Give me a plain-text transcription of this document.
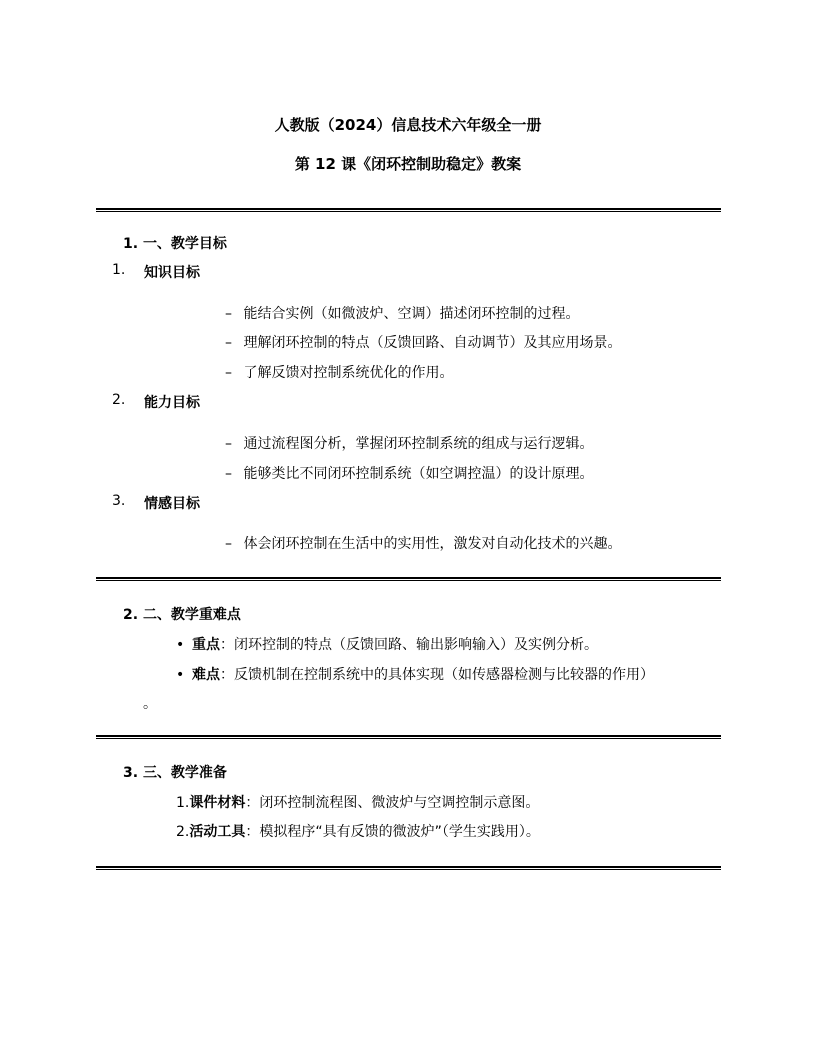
人教版（2024）信息技术六年级全一册
第 12 课《闭环控制助稳定》教案
1. 一、教学目标
1. 知识目标
– 能结合实例（如微波炉、空调）描述闭环控制的过程。
– 理解闭环控制的特点（反馈回路、自动调节）及其应用场景。
– 了解反馈对控制系统优化的作用。
2. 能力目标
– 通过流程图分析，掌握闭环控制系统的组成与运行逻辑。
– 能够类比不同闭环控制系统（如空调控温）的设计原理。
3. 情感目标
– 体会闭环控制在生活中的实用性，激发对自动化技术的兴趣。
2. 二、教学重难点
• 重点：闭环控制的特点（反馈回路、输出影响输入）及实例分析。
• 难点：反馈机制在控制系统中的具体实现（如传感器检测与比较器的作用）
。
3. 三、教学准备
1.课件材料：闭环控制流程图、微波炉与空调控制示意图。
2.活动工具：模拟程序“具有反馈的微波炉”（学生实践用）。
